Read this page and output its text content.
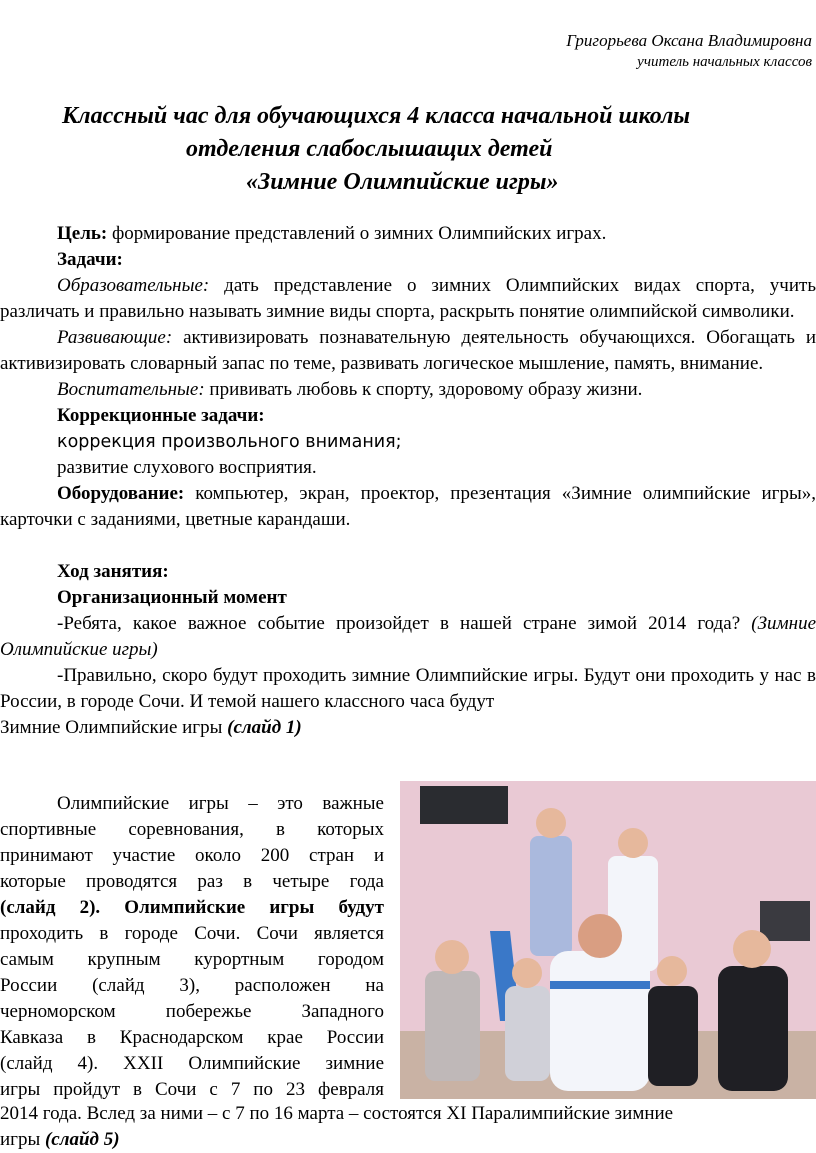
Григорьева Оксана Владимировна
учитель начальных классов
Классный час для обучающихся 4 класса начальной школы
отделения слабослышащих детей
«Зимние Олимпийские игры»
Цель: формирование представлений о зимних Олимпийских играх.
Задачи:
Образовательные: дать представление о зимних Олимпийских видах спорта, учить различать и правильно называть зимние виды спорта, раскрыть понятие олимпийской символики.
Развивающие: активизировать познавательную деятельность обучающихся. Обогащать и активизировать словарный запас по теме, развивать логическое мышление, память, внимание.
Воспитательные: прививать любовь к спорту, здоровому образу жизни.
Коррекционные задачи:
коррекция произвольного внимания;
развитие слухового восприятия.
Оборудование: компьютер, экран, проектор, презентация «Зимние олимпийские игры», карточки с заданиями, цветные карандаши.
Ход занятия:
Организационный момент
-Ребята, какое важное событие произойдет в нашей стране зимой 2014 года? (Зимние Олимпийские игры)
-Правильно, скоро будут проходить зимние Олимпийские игры. Будут они проходить у нас в России, в городе Сочи. И темой нашего классного часа будут
Зимние Олимпийские игры (слайд 1)
Олимпийские игры – это важные
спортивные соревнования, в которых
принимают участие около 200 стран и
которые проводятся раз в четыре года
(слайд 2). Олимпийские игры будут
проходить в городе Сочи. Сочи является
самым крупным курортным городом
России (слайд 3), расположен на
черноморском побережье Западного
Кавказа в Краснодарском крае России
(слайд 4). XXII Олимпийские зимние
игры пройдут в Сочи с 7 по 23 февраля
2014 года. Вслед за ними – с 7 по 16 марта – состоятся XI Паралимпийские зимние
игры (слайд 5)
